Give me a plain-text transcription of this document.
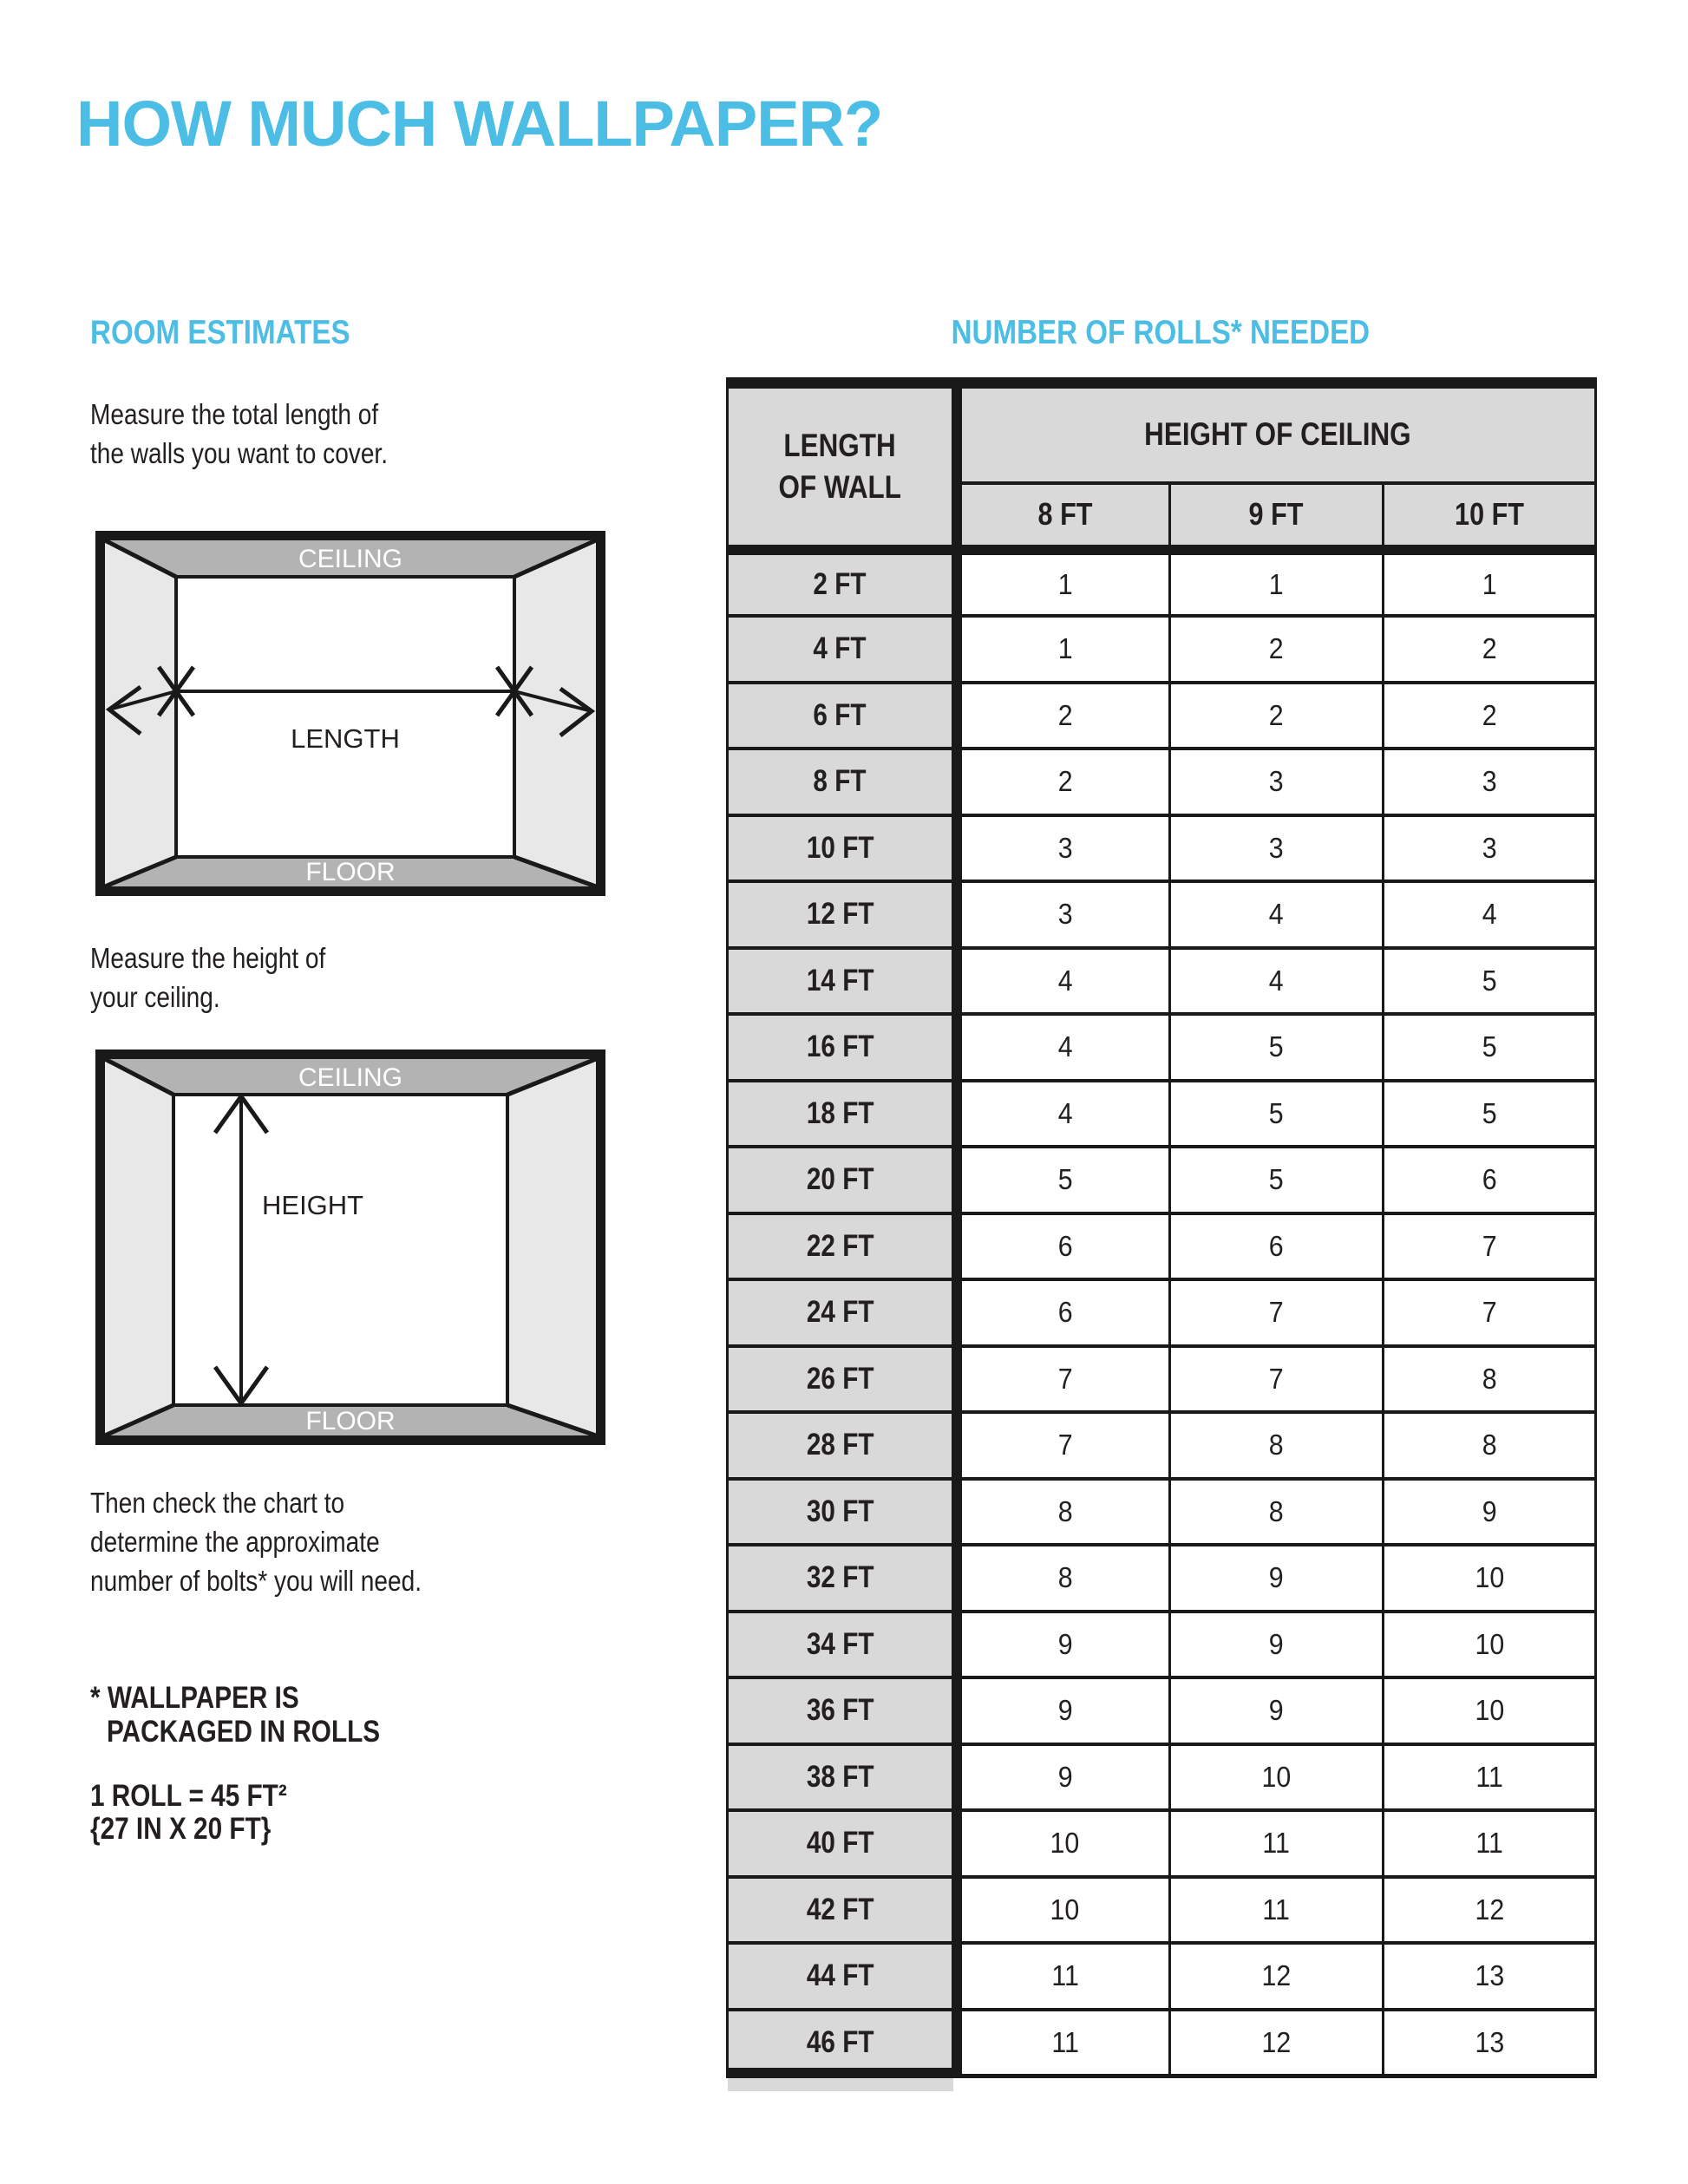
HOW MUCH WALLPAPER?
ROOM ESTIMATES
Measure the total length of
the walls you want to cover.
CEILING
FLOOR
LENGTH
Measure the height of
your ceiling.
CEILING
FLOOR
HEIGHT
Then check the chart to
determine the approximate
number of bolts* you will need.
* WALLPAPER IS
PACKAGED IN ROLLS
1 ROLL = 45 FT²
{27 IN X 20 FT}
NUMBER OF ROLLS* NEEDED
LENGTH
OF WALL	HEIGHT OF CEILING		
	8 FT	9 FT	10 FT
2 FT	1	1	1
4 FT	1	2	2
6 FT	2	2	2
8 FT	2	3	3
10 FT	3	3	3
12 FT	3	4	4
14 FT	4	4	5
16 FT	4	5	5
18 FT	4	5	5
20 FT	5	5	6
22 FT	6	6	7
24 FT	6	7	7
26 FT	7	7	8
28 FT	7	8	8
30 FT	8	8	9
32 FT	8	9	10
34 FT	9	9	10
36 FT	9	9	10
38 FT	9	10	11
40 FT	10	11	11
42 FT	10	11	12
44 FT	11	12	13
46 FT	11	12	13
